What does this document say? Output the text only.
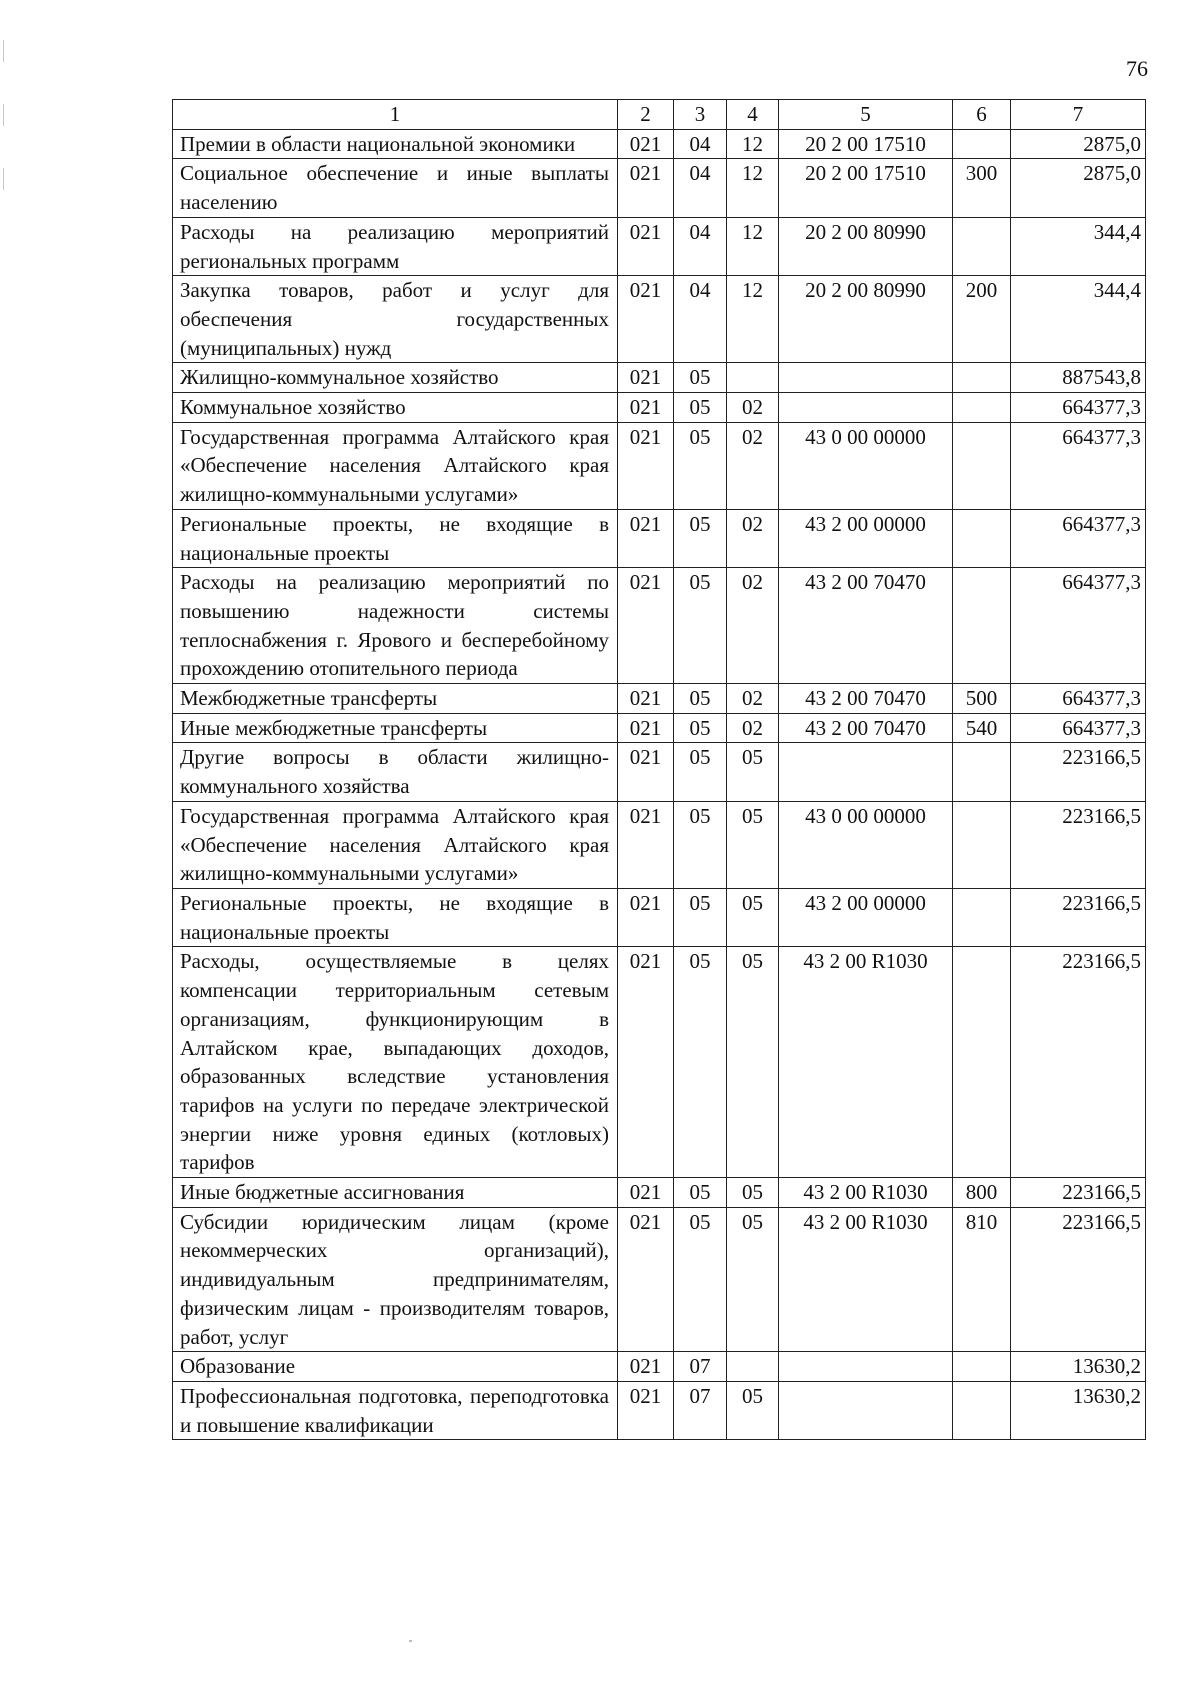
76
1	2	3	4	5	6	7
Премии в области национальной экономики	021	04	12	20 2 00 17510		2875,0
Социальное обеспечение и иные выплаты населению	021	04	12	20 2 00 17510	300	2875,0
Расходы на реализацию мероприятий региональных программ	021	04	12	20 2 00 80990		344,4
Закупка товаров, работ и услуг для обеспечения государственных (муниципальных) нужд	021	04	12	20 2 00 80990	200	344,4
Жилищно-коммунальное хозяйство	021	05				887543,8
Коммунальное хозяйство	021	05	02			664377,3
Государственная программа Алтайского края «Обеспечение населения Алтайского края жилищно-коммунальными услугами»	021	05	02	43 0 00 00000		664377,3
Региональные проекты, не входящие в национальные проекты	021	05	02	43 2 00 00000		664377,3
Расходы на реализацию мероприятий по повышению надежности системы теплоснабжения г. Ярового и бесперебойному прохождению отопительного периода	021	05	02	43 2 00 70470		664377,3
Межбюджетные трансферты	021	05	02	43 2 00 70470	500	664377,3
Иные межбюджетные трансферты	021	05	02	43 2 00 70470	540	664377,3
Другие вопросы в области жилищно-коммунального хозяйства	021	05	05			223166,5
Государственная программа Алтайского края «Обеспечение населения Алтайского края жилищно-коммунальными услугами»	021	05	05	43 0 00 00000		223166,5
Региональные проекты, не входящие в национальные проекты	021	05	05	43 2 00 00000		223166,5
Расходы, осуществляемые в целях компенсации территориальным сетевым организациям, функционирующим в Алтайском крае, выпадающих доходов, образованных вследствие установления тарифов на услуги по передаче электрической энергии ниже уровня единых (котловых) тарифов	021	05	05	43 2 00 R1030		223166,5
Иные бюджетные ассигнования	021	05	05	43 2 00 R1030	800	223166,5
Субсидии юридическим лицам (кроме некоммерческих организаций), индивидуальным предпринимателям, физическим лицам - производителям товаров, работ, услуг	021	05	05	43 2 00 R1030	810	223166,5
Образование	021	07				13630,2
Профессиональная подготовка, переподготовка и повышение квалификации	021	07	05			13630,2
